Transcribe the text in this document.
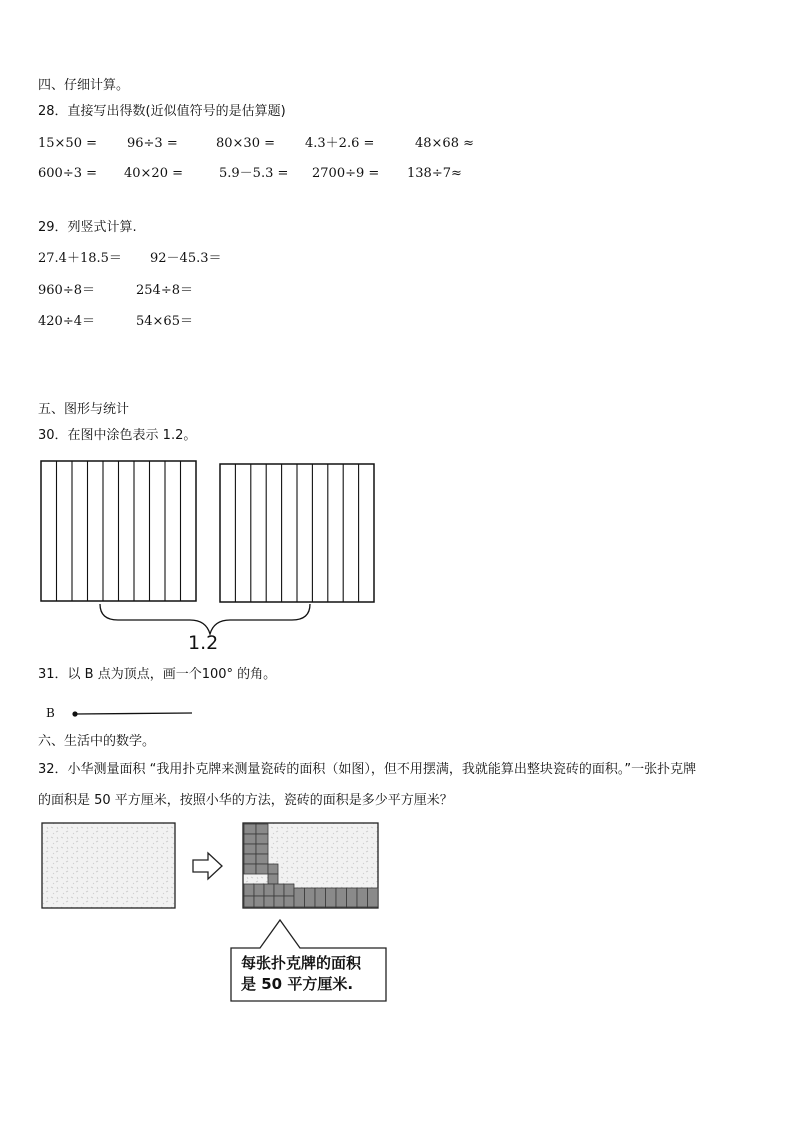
四、仔细计算。
28．直接写出得数(近似值符号的是估算题)
15×50 = 96÷3 =	80×30 = 4.3＋2.6 =	48×68 ≈
600÷3 = 40×20 =	5.9－5.3 = 2700÷9 = 138÷7≈
29．列竖式计算.
27.4＋18.5＝ 92－45.3＝
960÷8＝	254÷8＝
420÷4＝	54×65＝
五、图形与统计
30．在图中涂色表示 1.2。
1.2
31．以 B 点为顶点，画一个100° 的角。
B
六、生活中的数学。
32．小华测量面积 “我用扑克牌来测量瓷砖的面积（如图），但不用摆满，我就能算出整块瓷砖的面积。”一张扑克牌
的面积是 50 平方厘米，按照小华的方法，瓷砖的面积是多少平方厘米？
每张扑克牌的面积
是 50 平方厘米.
